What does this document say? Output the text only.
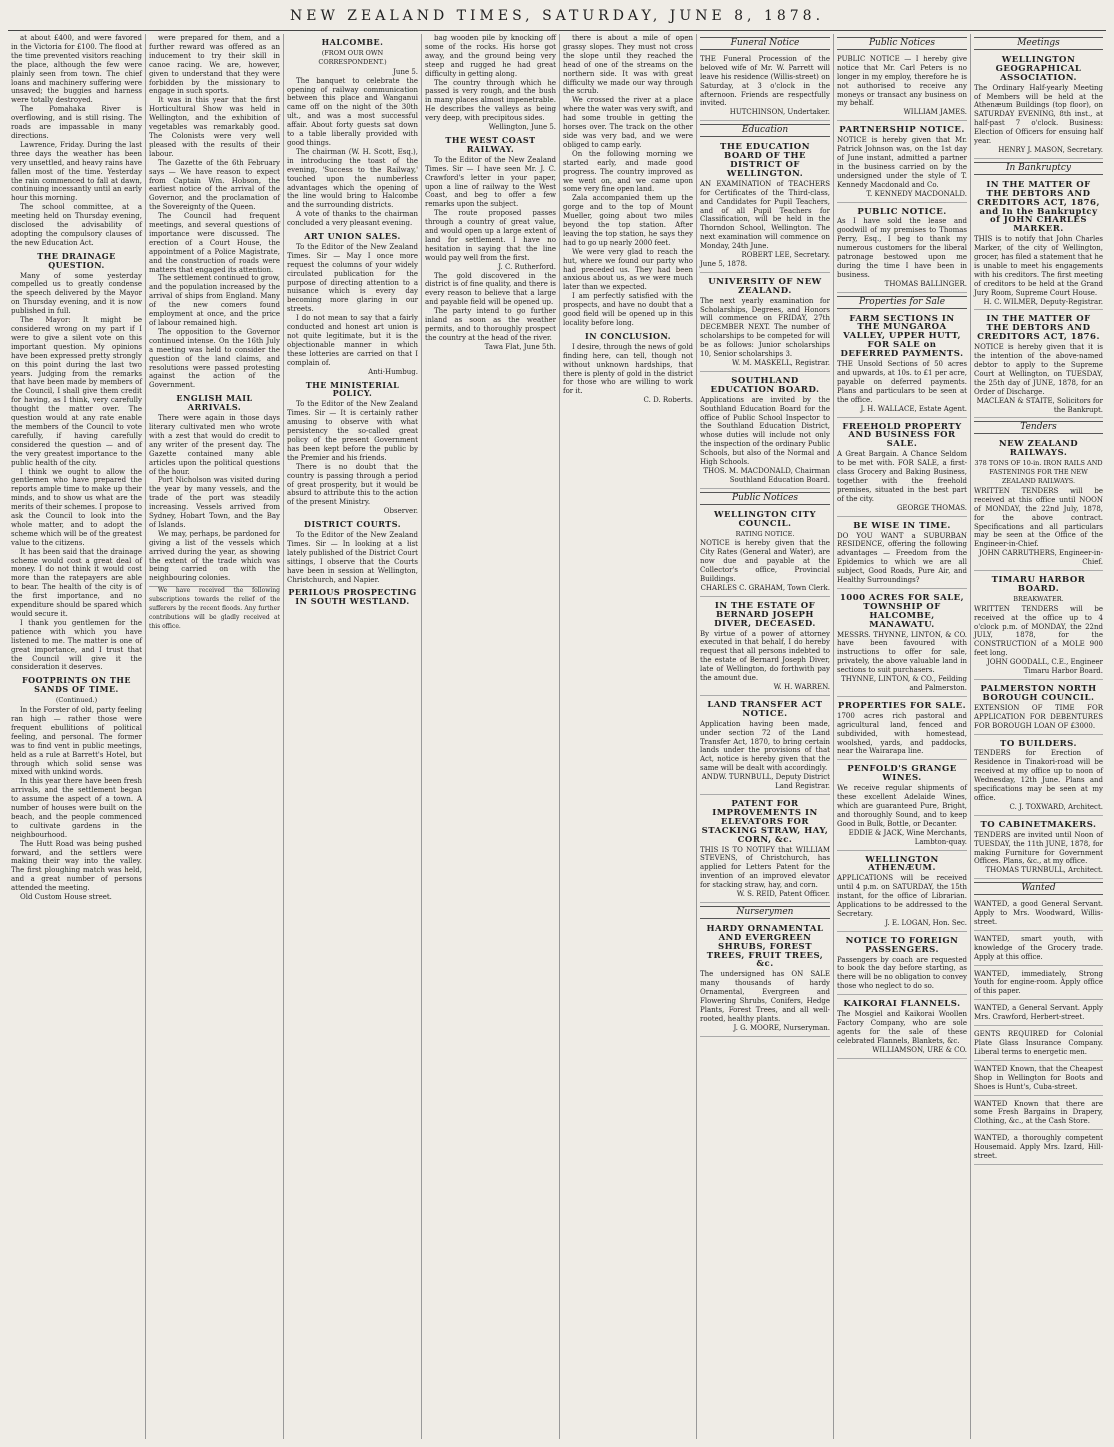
NEW ZEALAND TIMES, SATURDAY, JUNE 8, 1878.

at about £400, and were favored in the Victoria for £100. The flood at the time prevented visitors reaching the place, although the few were plainly seen from town. The chief loans and machinery suffering were unsaved; the buggies and harness were totally destroyed.

The Pomahaka River is overflowing, and is still rising. The roads are impassable in many directions.

Lawrence, Friday. During the last three days the weather has been very unsettled, and heavy rains have fallen most of the time. Yesterday the rain commenced to fall at dawn, continuing incessantly until an early hour this morning.

The school committee, at a meeting held on Thursday evening, disclosed the advisability of adopting the compulsory clauses of the new Education Act.

THE DRAINAGE QUESTION.

Many of some yesterday compelled us to greatly condense the speech delivered by the Mayor on Thursday evening, and it is now published in full.

The Mayor: It might be considered wrong on my part if I were to give a silent vote on this important question. My opinions have been expressed pretty strongly on this point during the last two years. Judging from the remarks that have been made by members of the Council, I shall give them credit for having, as I think, very carefully thought the matter over. The question would at any rate enable the members of the Council to vote carefully, if having carefully considered the question — and of the very greatest importance to the public health of the city.

I think we ought to allow the gentlemen who have prepared the reports ample time to make up their minds, and to show us what are the merits of their schemes. I propose to ask the Council to look into the whole matter, and to adopt the scheme which will be of the greatest value to the citizens.

It has been said that the drainage scheme would cost a great deal of money. I do not think it would cost more than the ratepayers are able to bear. The health of the city is of the first importance, and no expenditure should be spared which would secure it.

I thank you gentlemen for the patience with which you have listened to me. The matter is one of great importance, and I trust that the Council will give it the consideration it deserves.

FOOTPRINTS ON THE SANDS OF TIME.
(Continued.)

In the Forster of old, party feeling ran high — rather those were frequent ebullitions of political feeling, and personal. The former was to find vent in public meetings, held as a rule at Barrett's Hotel, but through which solid sense was mixed with unkind words.

In this year there have been fresh arrivals, and the settlement began to assume the aspect of a town. A number of houses were built on the beach, and the people commenced to cultivate gardens in the neighbourhood.

The Hutt Road was being pushed forward, and the settlers were making their way into the valley. The first ploughing match was held, and a great number of persons attended the meeting.

Old Custom House street.

were prepared for them, and a further reward was offered as an inducement to try their skill in canoe racing. We are, however, given to understand that they were forbidden by the missionary to engage in such sports.

It was in this year that the first Horticultural Show was held in Wellington, and the exhibition of vegetables was remarkably good. The Colonists were very well pleased with the results of their labour.

The Gazette of the 6th February says — We have reason to expect from Captain Wm. Hobson, the earliest notice of the arrival of the Governor, and the proclamation of the Sovereignty of the Queen.

The Council had frequent meetings, and several questions of importance were discussed. The erection of a Court House, the appointment of a Police Magistrate, and the construction of roads were matters that engaged its attention.

The settlement continued to grow, and the population increased by the arrival of ships from England. Many of the new comers found employment at once, and the price of labour remained high.

The opposition to the Governor continued intense. On the 16th July a meeting was held to consider the question of the land claims, and resolutions were passed protesting against the action of the Government.

ENGLISH MAIL ARRIVALS.

There were again in those days literary cultivated men who wrote with a zest that would do credit to any writer of the present day. The Gazette contained many able articles upon the political questions of the hour.

Port Nicholson was visited during the year by many vessels, and the trade of the port was steadily increasing. Vessels arrived from Sydney, Hobart Town, and the Bay of Islands.

We may, perhaps, be pardoned for giving a list of the vessels which arrived during the year, as showing the extent of the trade which was being carried on with the neighbouring colonies.

We have received the following subscriptions towards the relief of the sufferers by the recent floods. Any further contributions will be gladly received at this office.

HALCOMBE.
(FROM OUR OWN CORRESPONDENT.)
June 5.

The banquet to celebrate the opening of railway communication between this place and Wanganui came off on the night of the 30th ult., and was a most successful affair. About forty guests sat down to a table liberally provided with good things.

The chairman (W. H. Scott, Esq.), in introducing the toast of the evening, 'Success to the Railway,' touched upon the numberless advantages which the opening of the line would bring to Halcombe and the surrounding districts.

A vote of thanks to the chairman concluded a very pleasant evening.

ART UNION SALES.

To the Editor of the New Zealand Times. Sir — May I once more request the columns of your widely circulated publication for the purpose of directing attention to a nuisance which is every day becoming more glaring in our streets.

I do not mean to say that a fairly conducted and honest art union is not quite legitimate, but it is the objectionable manner in which these lotteries are carried on that I complain of.

Anti-Humbug.
THE MINISTERIAL POLICY.

To the Editor of the New Zealand Times. Sir — It is certainly rather amusing to observe with what persistency the so-called great policy of the present Government has been kept before the public by the Premier and his friends.

There is no doubt that the country is passing through a period of great prosperity, but it would be absurd to attribute this to the action of the present Ministry.

Observer.
DISTRICT COURTS.

To the Editor of the New Zealand Times. Sir — In looking at a list lately published of the District Court sittings, I observe that the Courts have been in session at Wellington, Christchurch, and Napier.

PERILOUS PROSPECTING IN SOUTH WESTLAND.

bag wooden pile by knocking off some of the rocks. His horse got away, and the ground being very steep and rugged he had great difficulty in getting along.

The country through which he passed is very rough, and the bush in many places almost impenetrable. He describes the valleys as being very deep, with precipitous sides.

Wellington, June 5.
THE WEST COAST RAILWAY.

To the Editor of the New Zealand Times. Sir — I have seen Mr. J. C. Crawford's letter in your paper, upon a line of railway to the West Coast, and beg to offer a few remarks upon the subject.

The route proposed passes through a country of great value, and would open up a large extent of land for settlement. I have no hesitation in saying that the line would pay well from the first.

J. C. Rutherford.

The gold discovered in the district is of fine quality, and there is every reason to believe that a large and payable field will be opened up.

The party intend to go further inland as soon as the weather permits, and to thoroughly prospect the country at the head of the river.

Tawa Flat, June 5th.

there is about a mile of open grassy slopes. They must not cross the slope until they reached the head of one of the streams on the northern side. It was with great difficulty we made our way through the scrub.

We crossed the river at a place where the water was very swift, and had some trouble in getting the horses over. The track on the other side was very bad, and we were obliged to camp early.

On the following morning we started early, and made good progress. The country improved as we went on, and we came upon some very fine open land.

Zala accompanied them up the gorge and to the top of Mount Mueller, going about two miles beyond the top station. After leaving the top station, he says they had to go up nearly 2000 feet.

We were very glad to reach the hut, where we found our party who had preceded us. They had been anxious about us, as we were much later than we expected.

I am perfectly satisfied with the prospects, and have no doubt that a good field will be opened up in this locality before long.

IN CONCLUSION.

I desire, through the news of gold finding here, can tell, though not without unknown hardships, that there is plenty of gold in the district for those who are willing to work for it.

C. D. Roberts.
Funeral Notice

THE Funeral Procession of the beloved wife of Mr. W. Parrett will leave his residence (Willis-street) on Saturday, at 3 o'clock in the afternoon. Friends are respectfully invited.

HUTCHINSON, Undertaker.
Education
THE EDUCATION BOARD OF THE DISTRICT OF WELLINGTON.

AN EXAMINATION of TEACHERS for Certificates of the Third-class, and Candidates for Pupil Teachers, and of all Pupil Teachers for Classification, will be held in the Thorndon School, Wellington. The next examination will commence on Monday, 24th June.

ROBERT LEE, Secretary.

June 5, 1878.

UNIVERSITY OF NEW ZEALAND.

The next yearly examination for Scholarships, Degrees, and Honors will commence on FRIDAY, 27th DECEMBER NEXT. The number of scholarships to be competed for will be as follows: Junior scholarships 10, Senior scholarships 3.

W. M. MASKELL, Registrar.
SOUTHLAND EDUCATION BOARD.

Applications are invited by the Southland Education Board for the office of Public School Inspector to the Southland Education District, whose duties will include not only the inspection of the ordinary Public Schools, but also of the Normal and High Schools.

THOS. M. MACDONALD, Chairman Southland Education Board.
Public Notices
WELLINGTON CITY COUNCIL.
RATING NOTICE.

NOTICE is hereby given that the City Rates (General and Water), are now due and payable at the Collector's office, Provincial Buildings.

CHARLES C. GRAHAM, Town Clerk.
IN THE ESTATE OF BERNARD JOSEPH DIVER, DECEASED.

By virtue of a power of attorney executed in that behalf, I do hereby request that all persons indebted to the estate of Bernard Joseph Diver, late of Wellington, do forthwith pay the amount due.

W. H. WARREN.
LAND TRANSFER ACT NOTICE.

Application having been made, under section 72 of the Land Transfer Act, 1870, to bring certain lands under the provisions of that Act, notice is hereby given that the same will be dealt with accordingly.

ANDW. TURNBULL, Deputy District Land Registrar.
PATENT FOR IMPROVEMENTS IN ELEVATORS FOR STACKING STRAW, HAY, CORN, &c.

THIS IS TO NOTIFY that WILLIAM STEVENS, of Christchurch, has applied for Letters Patent for the invention of an improved elevator for stacking straw, hay, and corn.

W. S. REID, Patent Officer.
Nurserymen
HARDY ORNAMENTAL AND EVERGREEN SHRUBS, FOREST TREES, FRUIT TREES, &c.

The undersigned has ON SALE many thousands of hardy Ornamental, Evergreen and Flowering Shrubs, Conifers, Hedge Plants, Forest Trees, and all well-rooted, healthy plants.

J. G. MOORE, Nurseryman.
Public Notices

PUBLIC NOTICE — I hereby give notice that Mr. Carl Peters is no longer in my employ, therefore he is not authorised to receive any moneys or transact any business on my behalf.

WILLIAM JAMES.
PARTNERSHIP NOTICE.

NOTICE is hereby given that Mr. Patrick Johnson was, on the 1st day of June instant, admitted a partner in the business carried on by the undersigned under the style of T. Kennedy Macdonald and Co.

T. KENNEDY MACDONALD.
PUBLIC NOTICE.

As I have sold the lease and goodwill of my premises to Thomas Perry, Esq., I beg to thank my numerous customers for the liberal patronage bestowed upon me during the time I have been in business.

THOMAS BALLINGER.
Properties for Sale
FARM SECTIONS IN THE MUNGAROA VALLEY, UPPER HUTT, FOR SALE on DEFERRED PAYMENTS.

THE Unsold Sections of 50 acres and upwards, at 10s. to £1 per acre, payable on deferred payments. Plans and particulars to be seen at the office.

J. H. WALLACE, Estate Agent.
FREEHOLD PROPERTY AND BUSINESS FOR SALE.

A Great Bargain. A Chance Seldom to be met with. FOR SALE, a first-class Grocery and Baking Business, together with the freehold premises, situated in the best part of the city.

GEORGE THOMAS.
BE WISE IN TIME.

DO YOU WANT a SUBURBAN RESIDENCE, offering the following advantages — Freedom from the Epidemics to which we are all subject, Good Roads, Pure Air, and Healthy Surroundings?

1000 ACRES FOR SALE, TOWNSHIP OF HALCOMBE, MANAWATU.

MESSRS. THYNNE, LINTON, & CO. have been favoured with instructions to offer for sale, privately, the above valuable land in sections to suit purchasers.

THYNNE, LINTON, & CO., Feilding and Palmerston.
PROPERTIES FOR SALE.

1700 acres rich pastoral and agricultural land, fenced and subdivided, with homestead, woolshed, yards, and paddocks, near the Wairarapa line.

PENFOLD'S GRANGE WINES.

We receive regular shipments of these excellent Adelaide Wines, which are guaranteed Pure, Bright, and thoroughly Sound, and to keep Good in Bulk, Bottle, or Decanter.

EDDIE & JACK, Wine Merchants, Lambton-quay.
WELLINGTON ATHENÆUM.

APPLICATIONS will be received until 4 p.m. on SATURDAY, the 15th instant, for the office of Librarian. Applications to be addressed to the Secretary.

J. E. LOGAN, Hon. Sec.
NOTICE TO FOREIGN PASSENGERS.

Passengers by coach are requested to book the day before starting, as there will be no obligation to convey those who neglect to do so.

KAIKORAI FLANNELS.

The Mosgiel and Kaikorai Woollen Factory Company, who are sole agents for the sale of these celebrated Flannels, Blankets, &c.

WILLIAMSON, URE & CO.
Meetings
WELLINGTON GEOGRAPHICAL ASSOCIATION.

The Ordinary Half-yearly Meeting of Members will be held at the Athenæum Buildings (top floor), on SATURDAY EVENING, 8th inst., at half-past 7 o'clock. Business: Election of Officers for ensuing half year.

HENRY J. MASON, Secretary.
In Bankruptcy
IN THE MATTER OF THE DEBTORS AND CREDITORS ACT, 1876, and In the Bankruptcy of JOHN CHARLES MARKER.

THIS is to notify that John Charles Marker, of the city of Wellington, grocer, has filed a statement that he is unable to meet his engagements with his creditors. The first meeting of creditors to be held at the Grand Jury Room, Supreme Court House.

H. C. WILMER, Deputy-Registrar.
IN THE MATTER OF THE DEBTORS AND CREDITORS ACT, 1876.

NOTICE is hereby given that it is the intention of the above-named debtor to apply to the Supreme Court at Wellington, on TUESDAY, the 25th day of JUNE, 1878, for an Order of Discharge.

MACLEAN & STAITE, Solicitors for the Bankrupt.
Tenders
NEW ZEALAND RAILWAYS.
378 TONS OF 10-in. IRON RAILS AND FASTENINGS FOR THE NEW ZEALAND RAILWAYS.

WRITTEN TENDERS will be received at this office until NOON of MONDAY, the 22nd July, 1878, for the above contract. Specifications and all particulars may be seen at the Office of the Engineer-in-Chief.

JOHN CARRUTHERS, Engineer-in-Chief.
TIMARU HARBOR BOARD.
BREAKWATER.

WRITTEN TENDERS will be received at the office up to 4 o'clock p.m. of MONDAY, the 22nd JULY, 1878, for the CONSTRUCTION of a MOLE 900 feet long.

JOHN GOODALL, C.E., Engineer Timaru Harbor Board.
PALMERSTON NORTH BOROUGH COUNCIL.

EXTENSION OF TIME FOR APPLICATION FOR DEBENTURES FOR BOROUGH LOAN OF £3000.

TO BUILDERS.

TENDERS for Erection of Residence in Tinakori-road will be received at my office up to noon of Wednesday, 12th June. Plans and specifications may be seen at my office.

C. J. TOXWARD, Architect.
TO CABINETMAKERS.

TENDERS are invited until Noon of TUESDAY, the 11th JUNE, 1878, for making Furniture for Government Offices. Plans, &c., at my office.

THOMAS TURNBULL, Architect.
Wanted

WANTED, a good General Servant. Apply to Mrs. Woodward, Willis-street.

WANTED, smart youth, with knowledge of the Grocery trade. Apply at this office.

WANTED, immediately, Strong Youth for engine-room. Apply office of this paper.

WANTED, a General Servant. Apply Mrs. Crawford, Herbert-street.

GENTS REQUIRED for Colonial Plate Glass Insurance Company. Liberal terms to energetic men.

WANTED Known, that the Cheapest Shop in Wellington for Boots and Shoes is Hunt's, Cuba-street.

WANTED Known that there are some Fresh Bargains in Drapery, Clothing, &c., at the Cash Store.

WANTED, a thoroughly competent Housemaid. Apply Mrs. Izard, Hill-street.
